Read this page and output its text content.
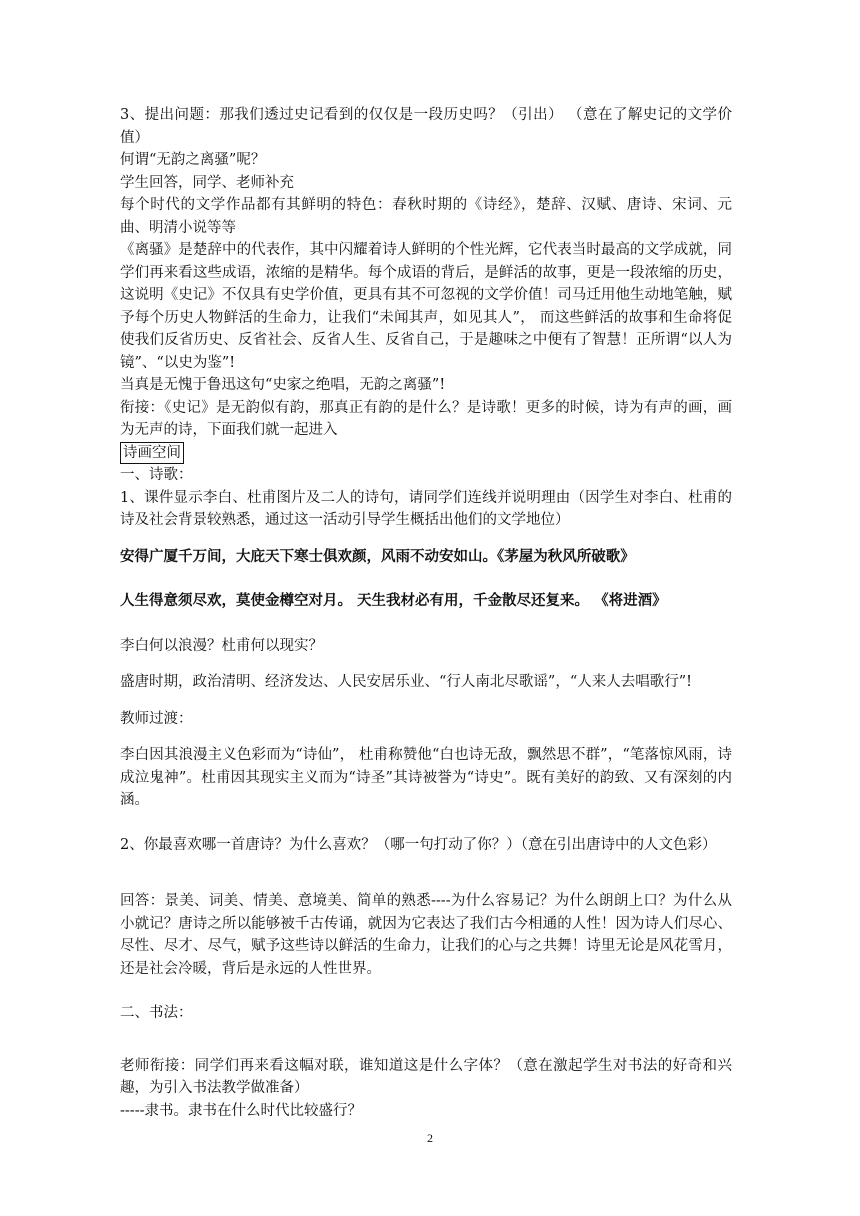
3、提出问题：那我们透过史记看到的仅仅是一段历史吗？（引出） （意在了解史记的文学价值）

何谓“无韵之离骚”呢？

学生回答，同学、老师补充

每个时代的文学作品都有其鲜明的特色：春秋时期的《诗经》，楚辞、汉赋、唐诗、宋词、元曲、明清小说等等

《离骚》是楚辞中的代表作，其中闪耀着诗人鲜明的个性光辉，它代表当时最高的文学成就，同学们再来看这些成语，浓缩的是精华。每个成语的背后，是鲜活的故事，更是一段浓缩的历史，这说明《史记》不仅具有史学价值，更具有其不可忽视的文学价值！司马迁用他生动地笔触，赋予每个历史人物鲜活的生命力，让我们“未闻其声，如见其人”， 而这些鲜活的故事和生命将促使我们反省历史、反省社会、反省人生、反省自己，于是趣味之中便有了智慧！正所谓“以人为镜”、“以史为鉴”!

当真是无愧于鲁迅这句“史家之绝唱，无韵之离骚”!

衔接：《史记》是无韵似有韵，那真正有韵的是什么？是诗歌！更多的时候，诗为有声的画，画为无声的诗，下面我们就一起进入

诗画空间

一、诗歌：

1、课件显示李白、杜甫图片及二人的诗句，请同学们连线并说明理由（因学生对李白、杜甫的诗及社会背景较熟悉，通过这一活动引导学生概括出他们的文学地位）

安得广厦千万间，大庇天下寒士俱欢颜，风雨不动安如山。《茅屋为秋风所破歌》

人生得意须尽欢，莫使金樽空对月。 天生我材必有用，千金散尽还复来。 《将进酒》

李白何以浪漫？杜甫何以现实？

盛唐时期，政治清明、经济发达、人民安居乐业、“行人南北尽歌谣”，“人来人去唱歌行”!

教师过渡：

李白因其浪漫主义色彩而为“诗仙”， 杜甫称赞他“白也诗无敌，飘然思不群”，“笔落惊风雨，诗成泣鬼神”。杜甫因其现实主义而为“诗圣”其诗被誉为“诗史”。既有美好的韵致、又有深刻的内涵。

2、你最喜欢哪一首唐诗？为什么喜欢？（哪一句打动了你？）（意在引出唐诗中的人文色彩）

回答：景美、词美、情美、意境美、简单的熟悉----为什么容易记？为什么朗朗上口？为什么从小就记？唐诗之所以能够被千古传诵，就因为它表达了我们古今相通的人性！因为诗人们尽心、尽性、尽才、尽气，赋予这些诗以鲜活的生命力，让我们的心与之共舞！诗里无论是风花雪月，还是社会冷暖，背后是永远的人性世界。

二、书法：

老师衔接：同学们再来看这幅对联，谁知道这是什么字体？（意在激起学生对书法的好奇和兴趣，为引入书法教学做准备）

-----隶书。隶书在什么时代比较盛行？

2
